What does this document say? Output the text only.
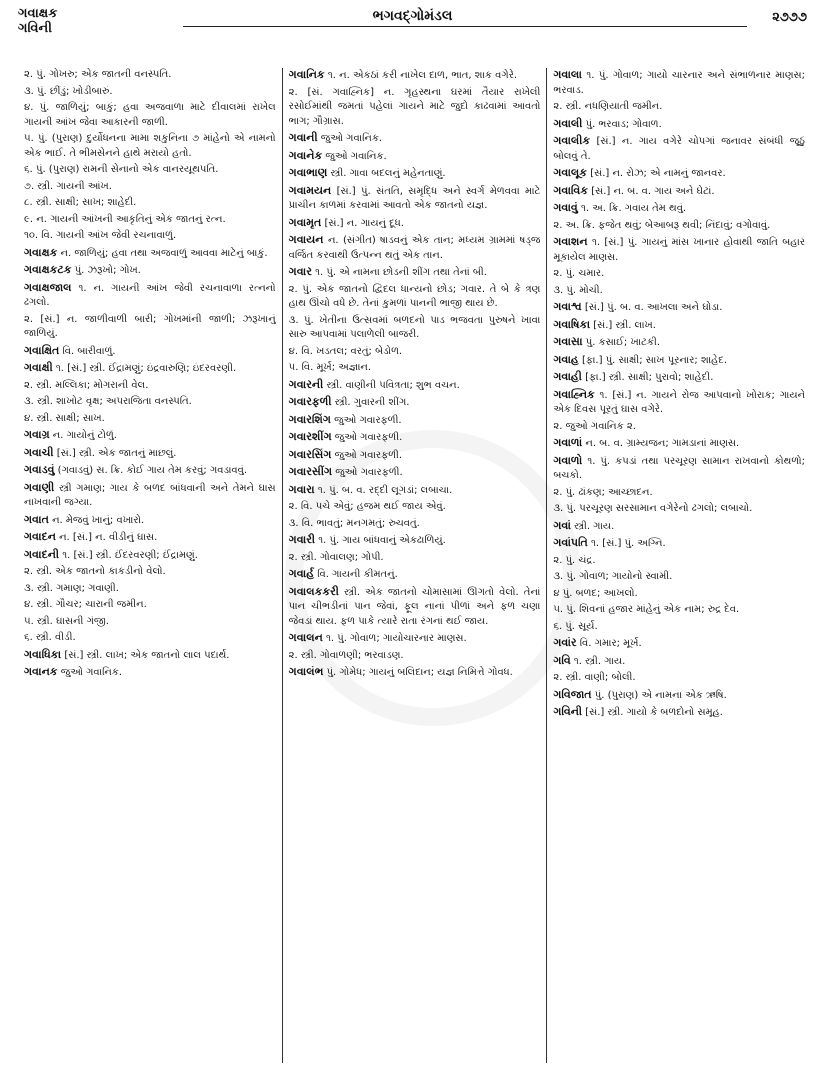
ગવાક્ષક
ગવિની
ભગવદ્ગોમંડલ	૨૭૭૭
૨. પું. ગોખરુ; એક જાતની વનસ્પતિ.
૩. પું. છીંડું; ખોડીબારું.
૪. પું. જાળિયું; બાકું; હવા અજવાળા માટે દીવાલમાં રાખેલ ગાયની આંખ જેવા આકારની જાળી.
૫. પું. (પુરાણ) દુર્યોધનના મામા શકુનિના ૭ માંહેનો એ નામનો એક ભાઈ. તે ભીમસેનને હાથે મરાયો હતો.
૬. પું. (પુરાણ) રામની સેનાનો એક વાનરયૂથપતિ.
૭. સ્ત્રી. ગાયની આંખ.
૮. સ્ત્રી. સાક્ષી; સાખ; શાહેદી.
૯. ન. ગાયની આંખની આકૃતિનું એક જાતનું રત્ન.
૧૦. વિ. ગાયની આંખ જેવી રચનાવાળું.
ગવાક્ષક ન. જાળિયું; હવા તથા અજવાળું આવવા માટેનું બાકું.
ગવાક્ષકટક પું. ઝરૂખો; ગોખ.
ગવાક્ષજાલ ૧. ન. ગાયની આંખ જેવી રચનાવાળા રત્નનો ઢગલો.
૨. [સં.] ન. જાળીવાળી બારી; ગોખમાંની જાળી; ઝરૂખાનું જાળિયું.
ગવાક્ષિત વિ. બારીવાળું.
ગવાક્ષી ૧. [સં.] સ્ત્રી. ઈંદ્રામણું; ઇંદ્રવારુણિ; ઇંદરવરણી.
૨. સ્ત્રી. મલ્લિકા; મોગરાની વેલ.
૩. સ્ત્રી. શાખોટ વૃક્ષ; અપરાજિતા વનસ્પતિ.
૪. સ્ત્રી. સાક્ષી; સાખ.
ગવાગ્ર ન. ગાયોનું ટોળું.
ગવાચી [સં.] સ્ત્રી. એક જાતનું માછલું.
ગવાડવું (ગવાડવું) સ. ક્રિ. કોઈ ગાય તેમ કરવું; ગવડાવવું.
ગવાણી સ્ત્રી ગમાણ; ગાય કે બળદ બાંધવાની અને તેમને ઘાસ નાખવાની જગ્યા.
ગવાત ન. મેજવું ખાનું; વખારો.
ગવાદન ન. [સં.] ન. વીડીનું ઘાસ.
ગવાદની ૧. [સં.] સ્ત્રી. ઈંદરવરણી; ઈંદ્રામણું.
૨. સ્ત્રી. એક જાતનો કાકડીનો વેલો.
૩. સ્ત્રી. ગમાણ; ગવાણી.
૪. સ્ત્રી. ગૌચર; ચારાની જમીન.
૫. સ્ત્રી. ઘાસની ગંજી.
૬. સ્ત્રી. વીડી.
ગવાધિકા [સં.] સ્ત્રી. લાખ; એક જાતનો લાલ પદાર્થ.
ગવાનક જુઓ ગવાનિક.
ગવાનિક ૧. ન. એકઠાં કરી નાખેલ દાળ, ભાત, શાક વગેરે.
૨. [સં. ગવાહ્નિક] ન. ગૃહસ્થના ઘરમાં તૈયાર રાખેલી રસોઈમાંથી જમતાં પહેલાં ગાયને માટે જુદો કાઢવામાં આવતો ભાગ; ગૌગ્રાસ.
ગવાની જુઓ ગવાનિક.
ગવાનેક જુઓ ગવાનિક.
ગવાભાણ સ્ત્રી. ગાવા બદલનું મહેનતાણું.
ગવામયન [સં.] પું. સંતતિ, સમૃદ્ધિ અને સ્વર્ગ મેળવવા માટે પ્રાચીન કાળમાં કરવામાં આવતો એક જાતનો યજ્ઞ.
ગવામૃત [સં.] ન. ગાયનું દૂધ.
ગવાયન ન. (સંગીત) ષાડવનું એક તાન; મધ્યમ ગ્રામમાં ષડ્જ વર્જિત કરવાથી ઉત્પન્ન થતું એક તાન.
ગવાર ૧. પું. એ નામના છોડની શીંગ તથા તેનાં બી.
૨. પું. એક જાતનો દ્વિદલ ધાન્યનો છોડ; ગવાર. તે બે કે ત્રણ હાથ ઊંચો વધે છે. તેનાં કુમળાં પાનની ભાજી થાય છે.
૩. પું. ખેતીના ઉત્સવમાં બળદનો પાડ ભજવતા પુરુષને ખાવા સારુ આપવામાં પલાળેલી બાજરી.
૪. વિ. ખડતલ; વરતું; બેડોળ.
૫. વિ. મૂર્ખ; અજ્ઞાન.
ગવારની સ્ત્રી. વાણીની પવિત્રતા; શુભ વચન.
ગવારફળી સ્ત્રી. ગુવારની શીંગ.
ગવારશિંગ જુઓ ગવારફળી.
ગવારશીંગ જુઓ ગવારફળી.
ગવારસિંગ જુઓ ગવારફળી.
ગવારસીંગ જુઓ ગવારફળી.
ગવારા ૧. પું. બ. વ. રદ્દી લૂગડાં; લબાચા.
૨. વિ. પચે એવું; હજમ થઈ જાય એવું.
૩. વિ. ભાવતું; મનગમતું; રુચવતું.
ગવારી ૧. પું. ગાય બાંધવાનું એકઢાળિયું.
૨. સ્ત્રી. ગોવાલણ; ગોપી.
ગવાર્હ વિ. ગાયની કીમતનું.
ગવાલકકરી સ્ત્રી. એક જાતનો ચોમાસામાં ઊગતો વેલો. તેનાં પાન ચીભડીનાં પાન જેવાં, ફૂલ નાનાં પીળાં અને ફળ ચણા જેવડાં થાય. ફળ પાકે ત્યારે રાતા રંગનાં થઈ જાય.
ગવાલન ૧. પું. ગોવાળ; ગાયોચારનાર માણસ.
૨. સ્ત્રી. ગોવાળણી; ભરવાડણ.
ગવાલંભ પું. ગોમેધ; ગાયનું બલિદાન; યજ્ઞ નિમિત્તે ગોવધ.
ગવાલા ૧. પું. ગોવાળ; ગાયો ચારનાર અને સંભાળનાર માણસ; ભરવાડ.
૨. સ્ત્રી. નધણિયાતી જમીન.
ગવાલી પું. ભરવાડ; ગોવાળ.
ગવાલીક [સં.] ન. ગાય વગેરે ચોપગાં જનાવર સંબંધી જૂઠું બોલવું તે.
ગવાલૂક [સં.] ન. રોઝ; એ નામનું જાનવર.
ગવાવિક [સં.] ન. બ. વ. ગાય અને ઘેટાં.
ગવાવું ૧. અ. ક્રિ. ગવાય તેમ થવું.
૨. અ. ક્રિ. ફજેત થવું; બેઆબરૂ થવી; નિંદાવું; વગોવાવું.
ગવાશન ૧. [સં.] પું. ગાયનું માંસ ખાનાર હોવાથી જાતિ બહાર મૂકાયેલ માણસ.
૨. પું. ચમાર.
૩. પું. મોચી.
ગવાશ્વ [સં.] પું. બ. વ. આખલા અને ઘોડા.
ગવાષિકા [સં.] સ્ત્રી. લાખ.
ગવાસા પું. કસાઈ; ખાટકી.
ગવાહ [ફા.] પું. સાક્ષી; સાખ પૂરનાર; શાહેદ.
ગવાહી [ફા.] સ્ત્રી. સાક્ષી; પુરાવો; શાહેદી.
ગવાહ્નિક ૧. [સં.] ન. ગાયને રોજ આપવાનો ખોરાક; ગાયને એક દિવસ પૂરતું ઘાસ વગેરે.
૨. જુઓ ગવાનિક ૨.
ગવાળાં ન. બ. વ. ગ્રામ્યજન; ગામડાનાં માણસ.
ગવાળો ૧. પું. કપડાં તથા પરચૂરણ સામાન રાખવાનો કોથળો; બચકો.
૨. પું. ઢાંકણ; આચ્છાદન.
૩. પું. પરચૂરણ સરસામાન વગેરેનો ઢગલો; લબાચો.
ગવાં સ્ત્રી. ગાય.
ગવાંપતિ ૧. [સં.] પું. અગ્નિ.
૨. પું. ચંદ્ર.
૩. પું. ગોવાળ; ગાયોનો સ્વામી.
૪ પું. બળદ; આખલો.
૫. પું. શિવનાં હજાર માંહેનું એક નામ; રુદ્ર દેવ.
૬. પું. સૂર્ય.
ગવાંર વિ. ગમાર; મૂર્ખ.
ગવિ ૧. સ્ત્રી. ગાય.
૨. સ્ત્રી. વાણી; બોલી.
ગવિજાત પું. (પુરાણ) એ નામના એક ઋષિ.
ગવિની [સં.] સ્ત્રી. ગાયો કે બળદોનો સમૂહ.
